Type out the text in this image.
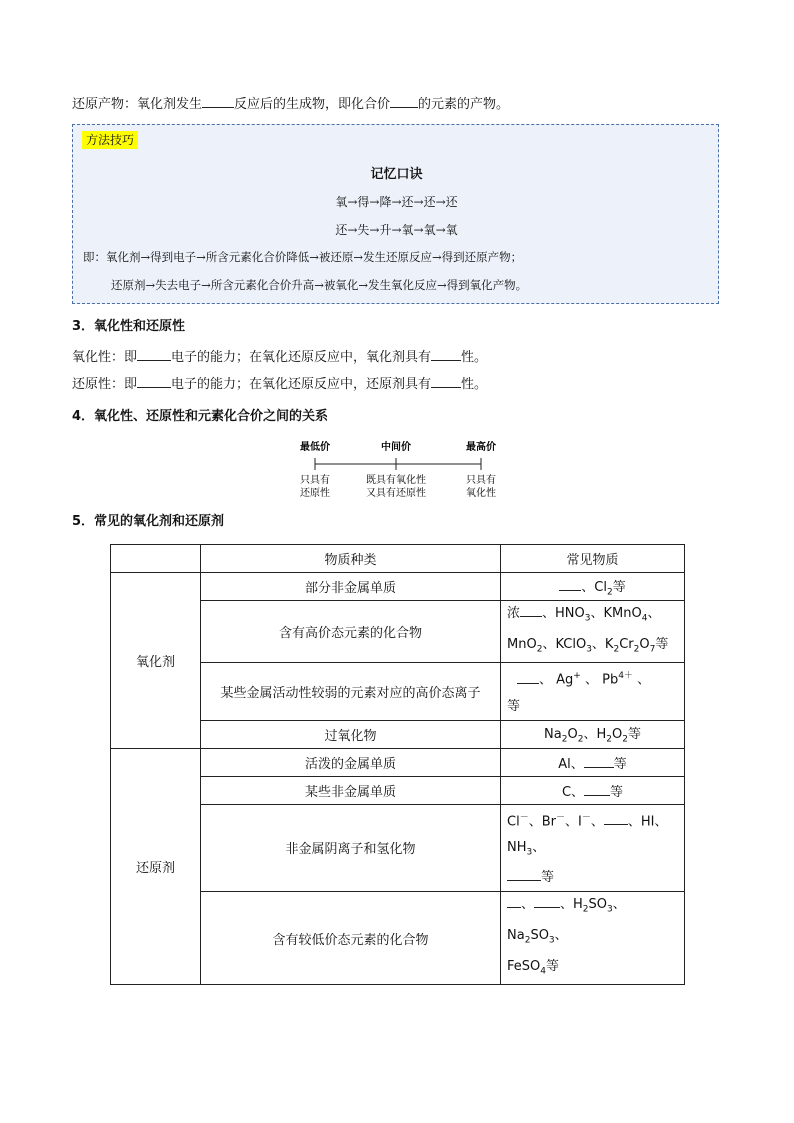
还原产物：氧化剂发生 反应后的生成物，即化合价 的元素的产物。
方法技巧
记忆口诀
氧→得→降→还→还→还
还→失→升→氧→氧→氧
即：氧化剂→得到电子→所含元素化合价降低→被还原→发生还原反应→得到还原产物；
还原剂→失去电子→所含元素化合价升高→被氧化→发生氧化反应→得到氧化产物。
3．氧化性和还原性
氧化性：即	电子的能力；在氧化还原反应中，氧化剂具有 性。
还原性：即	电子的能力；在氧化还原反应中，还原剂具有 性。
4．氧化性、还原性和元素化合价之间的关系
最低价	中间价	最高价
只具有
还原性
既具有氧化性
又具有还原性
只具有
氧化性
5．常见的氧化剂和还原剂
	物质种类	常见物质
氧化剂	部分非金属单质	、$Cl_2$等
	含有高价态元素的化合物	浓 、$HNO_3$、KMnO$_4$、
MnO$_2$、KClO$_3$、$K_2Cr_2O_7$等
	某些金属活动性较弱的元素对应的高价态离子	、 Ag+ 、 $Pb^{4+}$ 、
等
	过氧化物	$Na_2O_2$、$H_2O_2$等
还原剂	活泼的金属单质	Al、 等
	某些非金属单质	C、 等
	非金属阴离子和氢化物	Cl－、Br－、I－、 、HI、
$NH_3$、
等
	含有较低价态元素的化合物	、 、$H_2SO_3$、$Na_2SO_3$、
FeSO$_4$等
